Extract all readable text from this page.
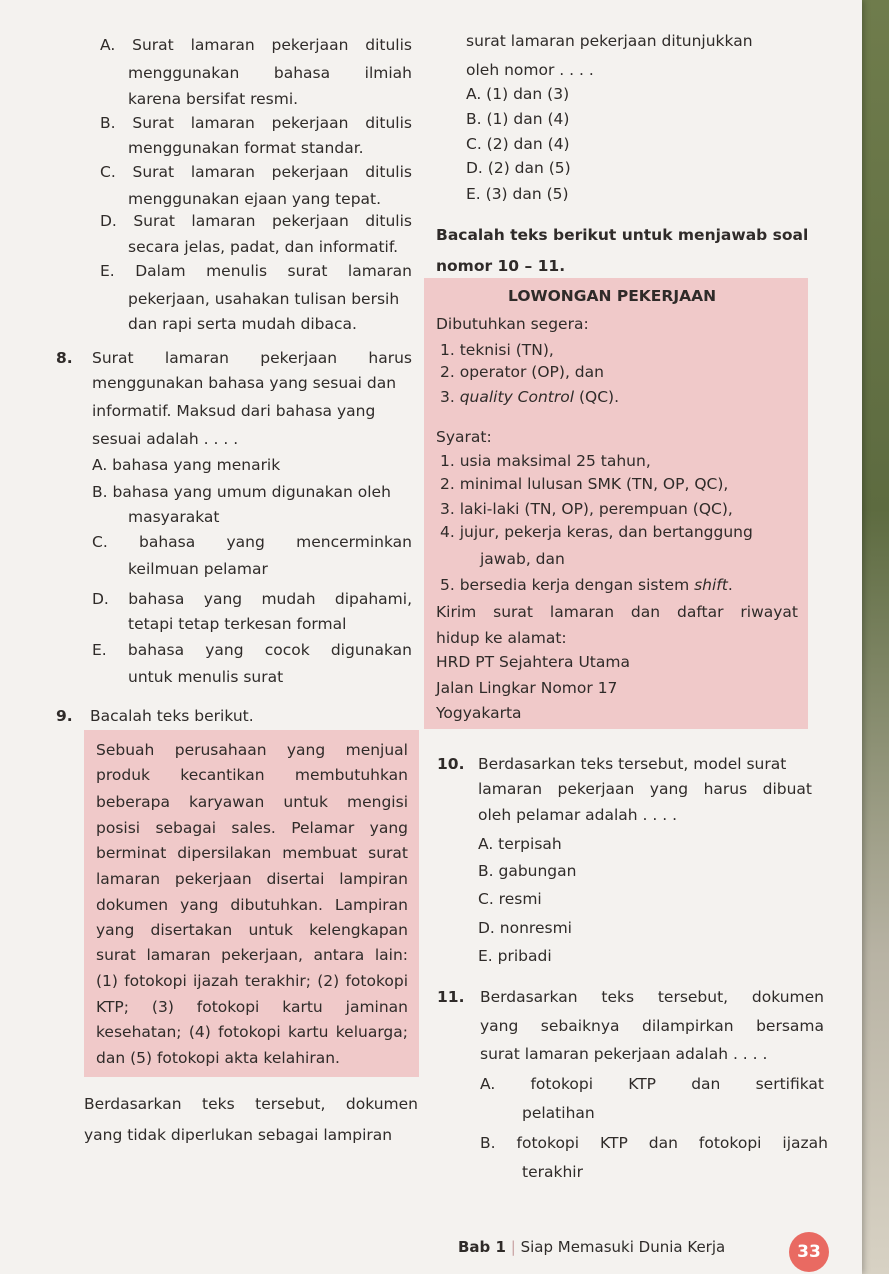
A. Surat lamaran pekerjaan ditulis
menggunakan bahasa ilmiah
karena bersifat resmi.
B. Surat lamaran pekerjaan ditulis
menggunakan format standar.
C. Surat lamaran pekerjaan ditulis
menggunakan ejaan yang tepat.
D. Surat lamaran pekerjaan ditulis
secara jelas, padat, dan informatif.
E. Dalam menulis surat lamaran
pekerjaan, usahakan tulisan bersih
dan rapi serta mudah dibaca.
8. Surat lamaran pekerjaan harus
menggunakan bahasa yang sesuai dan
informatif. Maksud dari bahasa yang
sesuai adalah . . . .
A. bahasa yang menarik
B. bahasa yang umum digunakan oleh
masyarakat
C. bahasa yang mencerminkan
keilmuan pelamar
D. bahasa yang mudah dipahami,
tetapi tetap terkesan formal
E. bahasa yang cocok digunakan
untuk menulis surat
9. Bacalah teks berikut.
Sebuah perusahaan yang menjual
produk kecantikan membutuhkan
beberapa karyawan untuk mengisi
posisi sebagai sales. Pelamar yang
berminat dipersilakan membuat surat
lamaran pekerjaan disertai lampiran
dokumen yang dibutuhkan. Lampiran
yang disertakan untuk kelengkapan
surat lamaran pekerjaan, antara lain:
(1) fotokopi ijazah terakhir; (2) fotokopi
KTP; (3) fotokopi kartu jaminan
kesehatan; (4) fotokopi kartu keluarga;
dan (5) fotokopi akta kelahiran.
Berdasarkan teks tersebut, dokumen
yang tidak diperlukan sebagai lampiran
surat lamaran pekerjaan ditunjukkan
oleh nomor . . . .
A. (1) dan (3)
B. (1) dan (4)
C. (2) dan (4)
D. (2) dan (5)
E. (3) dan (5)
Bacalah teks berikut untuk menjawab soal
nomor 10 – 11.
LOWONGAN PEKERJAAN
Dibutuhkan segera:
1. teknisi (TN),
2. operator (OP), dan
3. quality Control (QC).
Syarat:
1. usia maksimal 25 tahun,
2. minimal lulusan SMK (TN, OP, QC),
3. laki-laki (TN, OP), perempuan (QC),
4. jujur, pekerja keras, dan bertanggung
jawab, dan
5. bersedia kerja dengan sistem shift.
Kirim surat lamaran dan daftar riwayat
hidup ke alamat:
HRD PT Sejahtera Utama
Jalan Lingkar Nomor 17
Yogyakarta
10. Berdasarkan teks tersebut, model surat
lamaran pekerjaan yang harus dibuat
oleh pelamar adalah . . . .
A. terpisah
B. gabungan
C. resmi
D. nonresmi
E. pribadi
11. Berdasarkan teks tersebut, dokumen
yang sebaiknya dilampirkan bersama
surat lamaran pekerjaan adalah . . . .
A. fotokopi KTP dan sertifikat
pelatihan
B. fotokopi KTP dan fotokopi ijazah
terakhir
Bab 1 | Siap Memasuki Dunia Kerja	33
